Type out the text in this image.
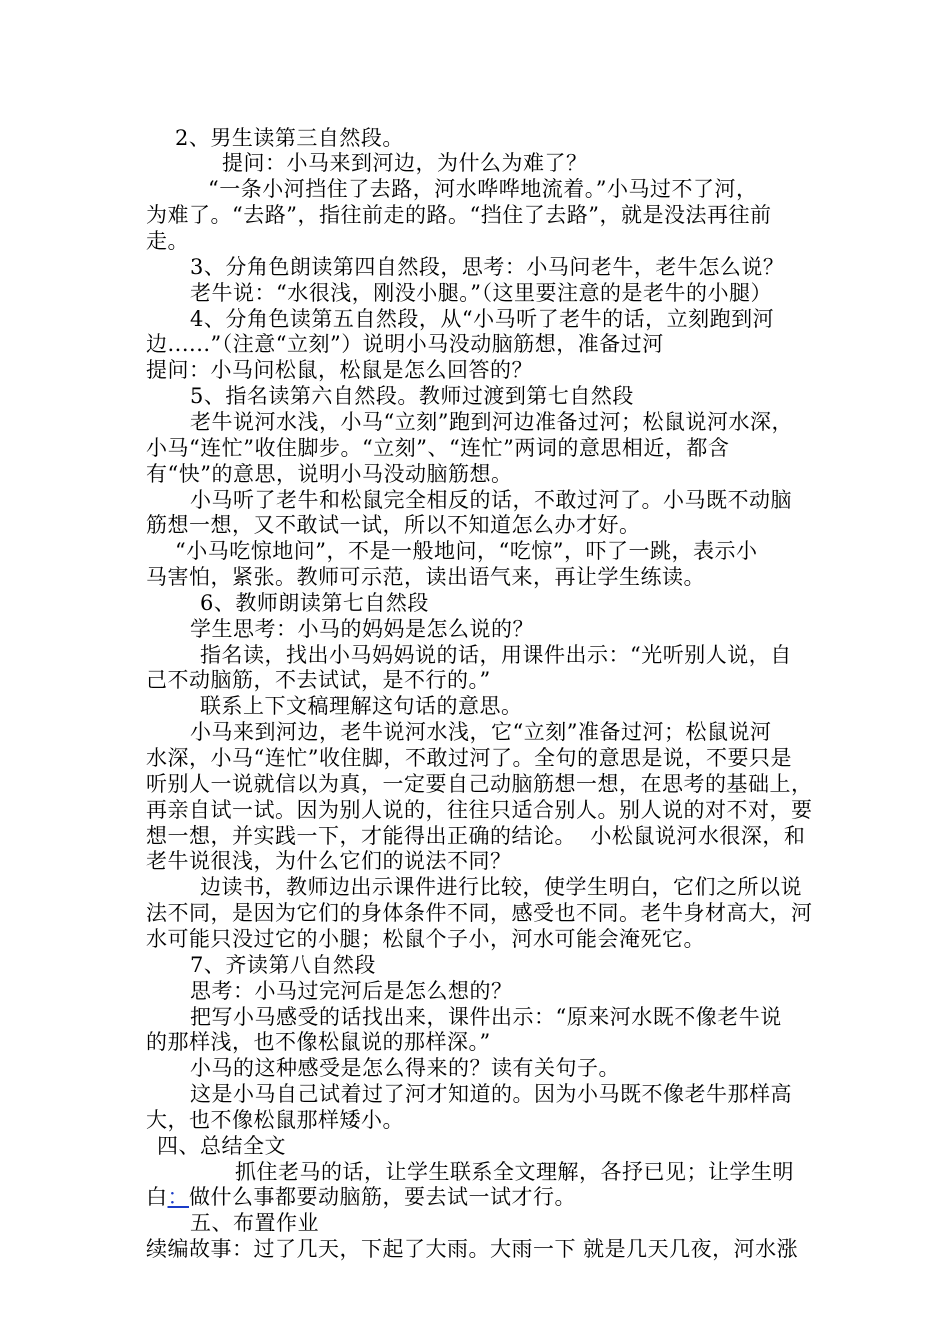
2、男生读第三自然段。
提问：小马来到河边，为什么为难了？
“一条小河挡住了去路，河水哗哗地流着。”小马过不了河，
为难了。“去路”，指往前走的路。“挡住了去路”，就是没法再往前
走。
3、分角色朗读第四自然段，思考：小马问老牛，老牛怎么说？
老牛说：“水很浅，刚没小腿。”（这里要注意的是老牛的小腿）
4、分角色读第五自然段，从“小马听了老牛的话，立刻跑到河
边......”（注意“立刻”）说明小马没动脑筋想，准备过河
提问：小马问松鼠，松鼠是怎么回答的？
5、指名读第六自然段。教师过渡到第七自然段
老牛说河水浅，小马“立刻”跑到河边准备过河；松鼠说河水深，
小马“连忙”收住脚步。“立刻”、“连忙”两词的意思相近，都含
有“快”的意思，说明小马没动脑筋想。
小马听了老牛和松鼠完全相反的话，不敢过河了。小马既不动脑
筋想一想，又不敢试一试，所以不知道怎么办才好。
“小马吃惊地问”，不是一般地问，“吃惊”，吓了一跳，表示小
马害怕，紧张。教师可示范，读出语气来，再让学生练读。
6、教师朗读第七自然段
学生思考：小马的妈妈是怎么说的？
指名读，找出小马妈妈说的话，用课件出示：“光听别人说，自
己不动脑筋，不去试试，是不行的。”
联系上下文稿理解这句话的意思。
小马来到河边，老牛说河水浅，它“立刻”准备过河；松鼠说河
水深，小马“连忙”收住脚，不敢过河了。全句的意思是说，不要只是
听别人一说就信以为真，一定要自己动脑筋想一想，在思考的基础上，
再亲自试一试。因为别人说的，往往只适合别人。别人说的对不对，要
想一想，并实践一下，才能得出正确的结论。  小松鼠说河水很深，和
老牛说很浅，为什么它们的说法不同？
边读书，教师边出示课件进行比较，使学生明白，它们之所以说
法不同，是因为它们的身体条件不同，感受也不同。老牛身材高大，河
水可能只没过它的小腿；松鼠个子小，河水可能会淹死它。
7、齐读第八自然段
思考：小马过完河后是怎么想的？
把写小马感受的话找出来，课件出示：“原来河水既不像老牛说
的那样浅，也不像松鼠说的那样深。”
小马的这种感受是怎么得来的？读有关句子。
这是小马自己试着过了河才知道的。因为小马既不像老牛那样高
大，也不像松鼠那样矮小。
四、总结全文
抓住老马的话，让学生联系全文理解，各抒已见；让学生明
白：做什么事都要动脑筋，要去试一试才行。
五、布置作业
续编故事：过了几天，下起了大雨。大雨一下 就是几天几夜，河水涨
